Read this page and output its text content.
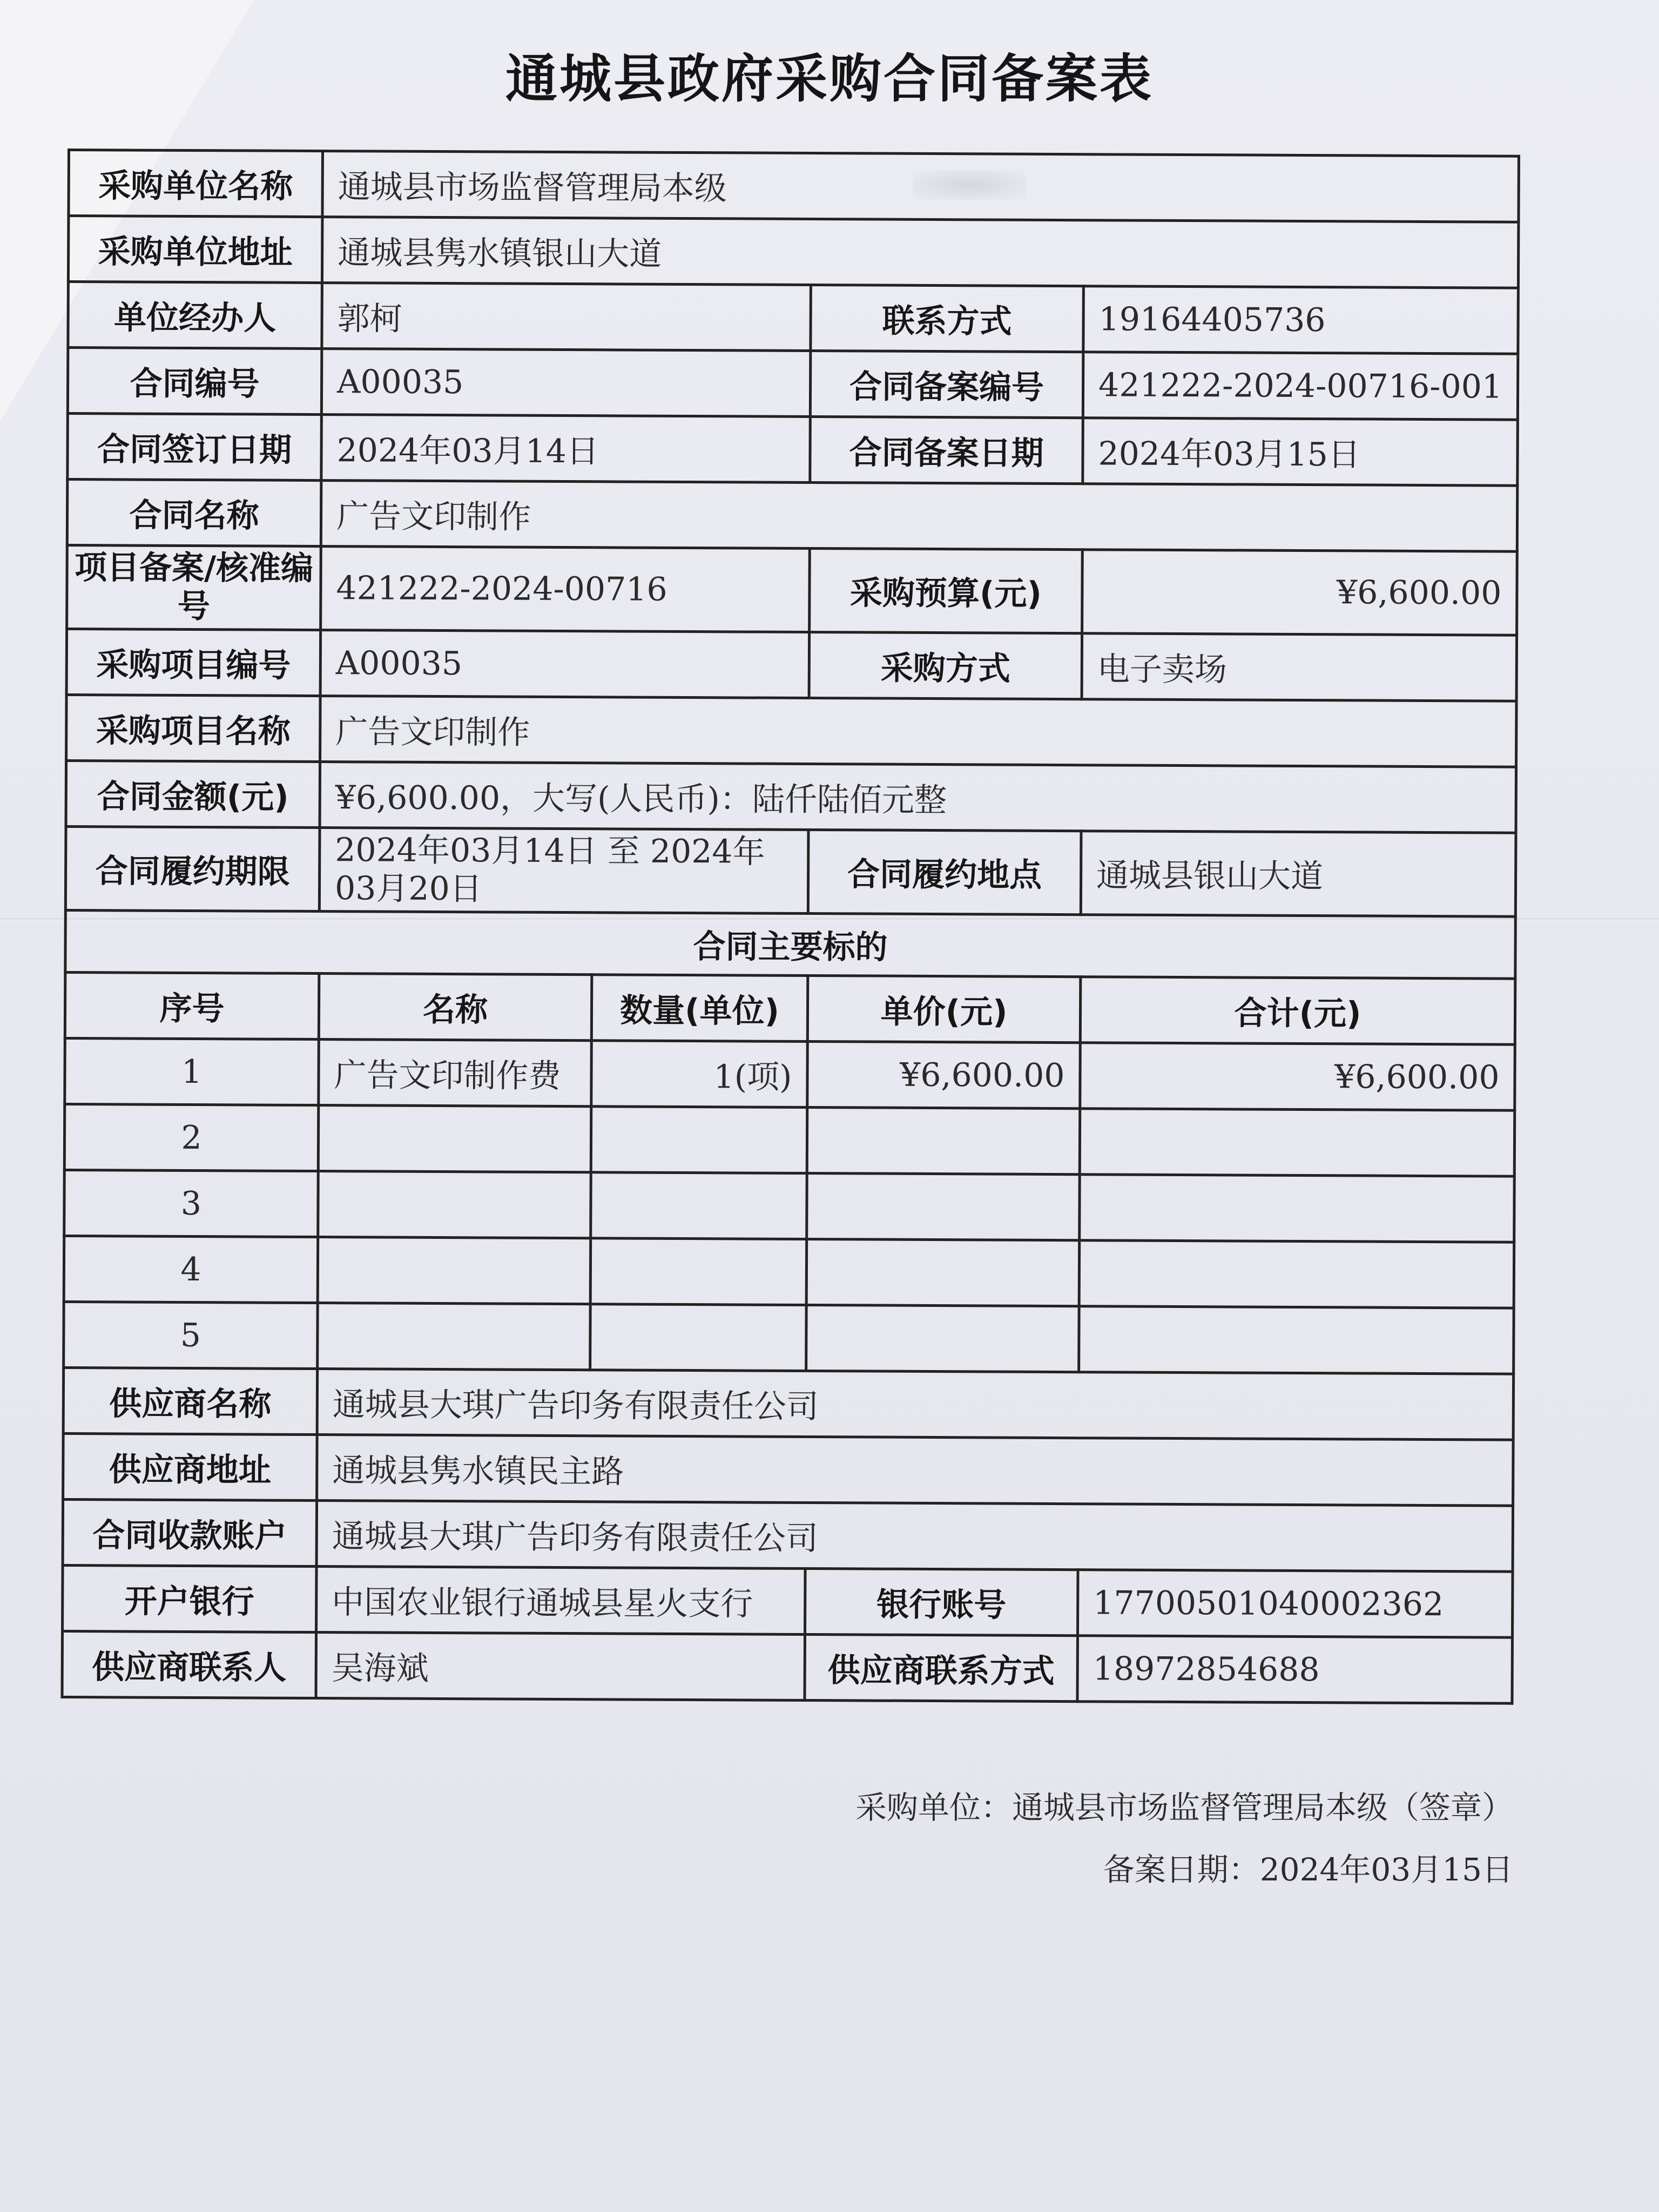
通城县政府采购合同备案表
采购单位名称	通城县市场监督管理局本级			
采购单位地址	通城县隽水镇银山大道			
单位经办人	郭柯		联系方式	19164405736
合同编号	A00035		合同备案编号	421222-2024-00716-001
合同签订日期	2024年03月14日		合同备案日期	2024年03月15日
合同名称	广告文印制作			
项目备案/核准编号	421222-2024-00716		采购预算(元)	¥6,600.00
采购项目编号	A00035		采购方式	电子卖场
采购项目名称	广告文印制作			
合同金额(元)	¥6,600.00，大写(人民币)：陆仟陆佰元整			
合同履约期限	2024年03月14日 至 2024年03月20日		合同履约地点	通城县银山大道
合同主要标的				
序号	名称	数量(单位)	单价(元)	合计(元)
1	广告文印制作费	1(项)	¥6,600.00	¥6,600.00
2				
3				
4				
5				
供应商名称	通城县大琪广告印务有限责任公司			
供应商地址	通城县隽水镇民主路			
合同收款账户	通城县大琪广告印务有限责任公司			
开户银行	中国农业银行通城县星火支行		银行账号	17700501040002362
供应商联系人	吴海斌		供应商联系方式	18972854688
采购单位：通城县市场监督管理局本级（签章）
备案日期：2024年03月15日
